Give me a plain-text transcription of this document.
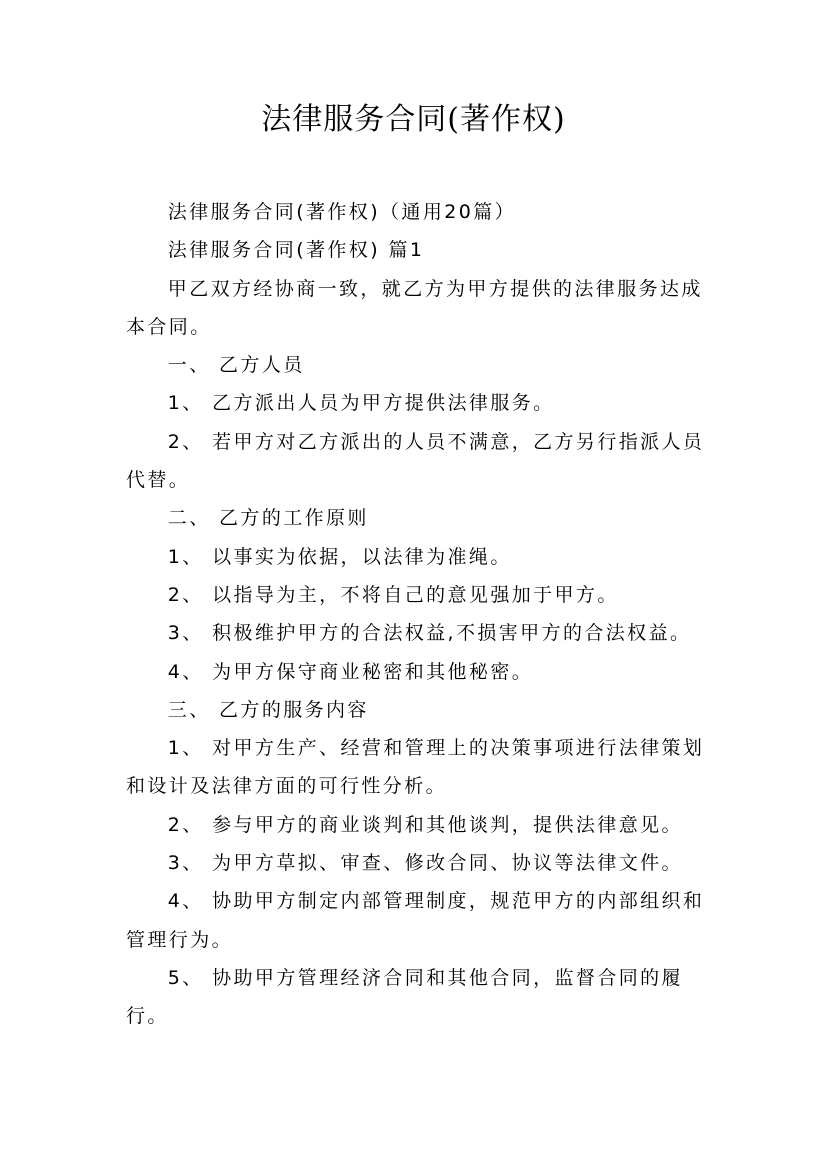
法律服务合同(著作权)

法律服务合同(著作权)（通用20篇）

法律服务合同(著作权) 篇1

甲乙双方经协商一致，就乙方为甲方提供的法律服务达成本合同。

一、 乙方人员

1、 乙方派出人员为甲方提供法律服务。

2、 若甲方对乙方派出的人员不满意，乙方另行指派人员代替。

二、 乙方的工作原则

1、 以事实为依据，以法律为准绳。

2、 以指导为主，不将自己的意见强加于甲方。

3、 积极维护甲方的合法权益,不损害甲方的合法权益。

4、 为甲方保守商业秘密和其他秘密。

三、 乙方的服务内容

1、 对甲方生产、经营和管理上的决策事项进行法律策划和设计及法律方面的可行性分析。

2、 参与甲方的商业谈判和其他谈判，提供法律意见。

3、 为甲方草拟、审查、修改合同、协议等法律文件。

4、 协助甲方制定内部管理制度，规范甲方的内部组织和管理行为。

5、 协助甲方管理经济合同和其他合同，监督合同的履行。
